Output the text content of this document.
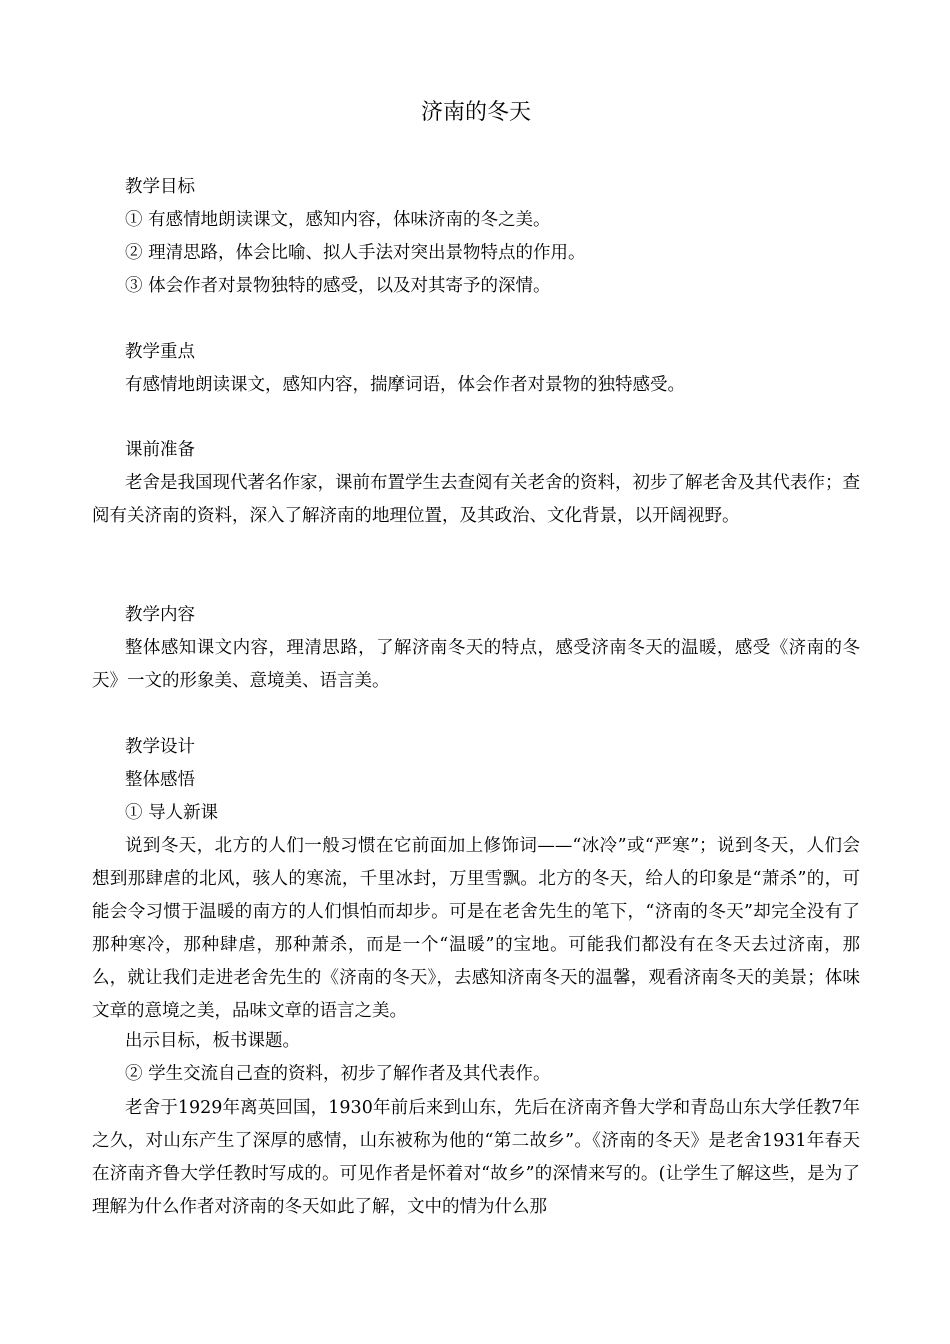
济南的冬天

教学目标

① 有感情地朗读课文，感知内容，体味济南的冬之美。

② 理清思路，体会比喻、拟人手法对突出景物特点的作用。

③ 体会作者对景物独特的感受，以及对其寄予的深情。

教学重点

有感情地朗读课文，感知内容，揣摩词语，体会作者对景物的独特感受。

课前准备

老舍是我国现代著名作家，课前布置学生去查阅有关老舍的资料，初步了解老舍及其代表作；查阅有关济南的资料，深入了解济南的地理位置，及其政治、文化背景，以开阔视野。

教学内容

整体感知课文内容，理清思路，了解济南冬天的特点，感受济南冬天的温暖，感受《济南的冬天》一文的形象美、意境美、语言美。

教学设计

整体感悟

① 导人新课

说到冬天，北方的人们一般习惯在它前面加上修饰词——“冰冷”或“严寒”；说到冬天，人们会想到那肆虐的北风，骇人的寒流，千里冰封，万里雪飘。北方的冬天，给人的印象是“萧杀”的，可能会令习惯于温暖的南方的人们惧怕而却步。可是在老舍先生的笔下，“济南的冬天”却完全没有了那种寒冷，那种肆虐，那种萧杀，而是一个“温暖”的宝地。可能我们都没有在冬天去过济南，那么，就让我们走进老舍先生的《济南的冬天》，去感知济南冬天的温馨，观看济南冬天的美景；体味文章的意境之美，品味文章的语言之美。

出示目标，板书课题。

② 学生交流自己查的资料，初步了解作者及其代表作。

老舍于1929年离英回国，1930年前后来到山东，先后在济南齐鲁大学和青岛山东大学任教7年之久，对山东产生了深厚的感情，山东被称为他的“第二故乡”。《济南的冬天》是老舍1931年春天在济南齐鲁大学任教时写成的。可见作者是怀着对“故乡”的深情来写的。(让学生了解这些，是为了理解为什么作者对济南的冬天如此了解，文中的情为什么那
